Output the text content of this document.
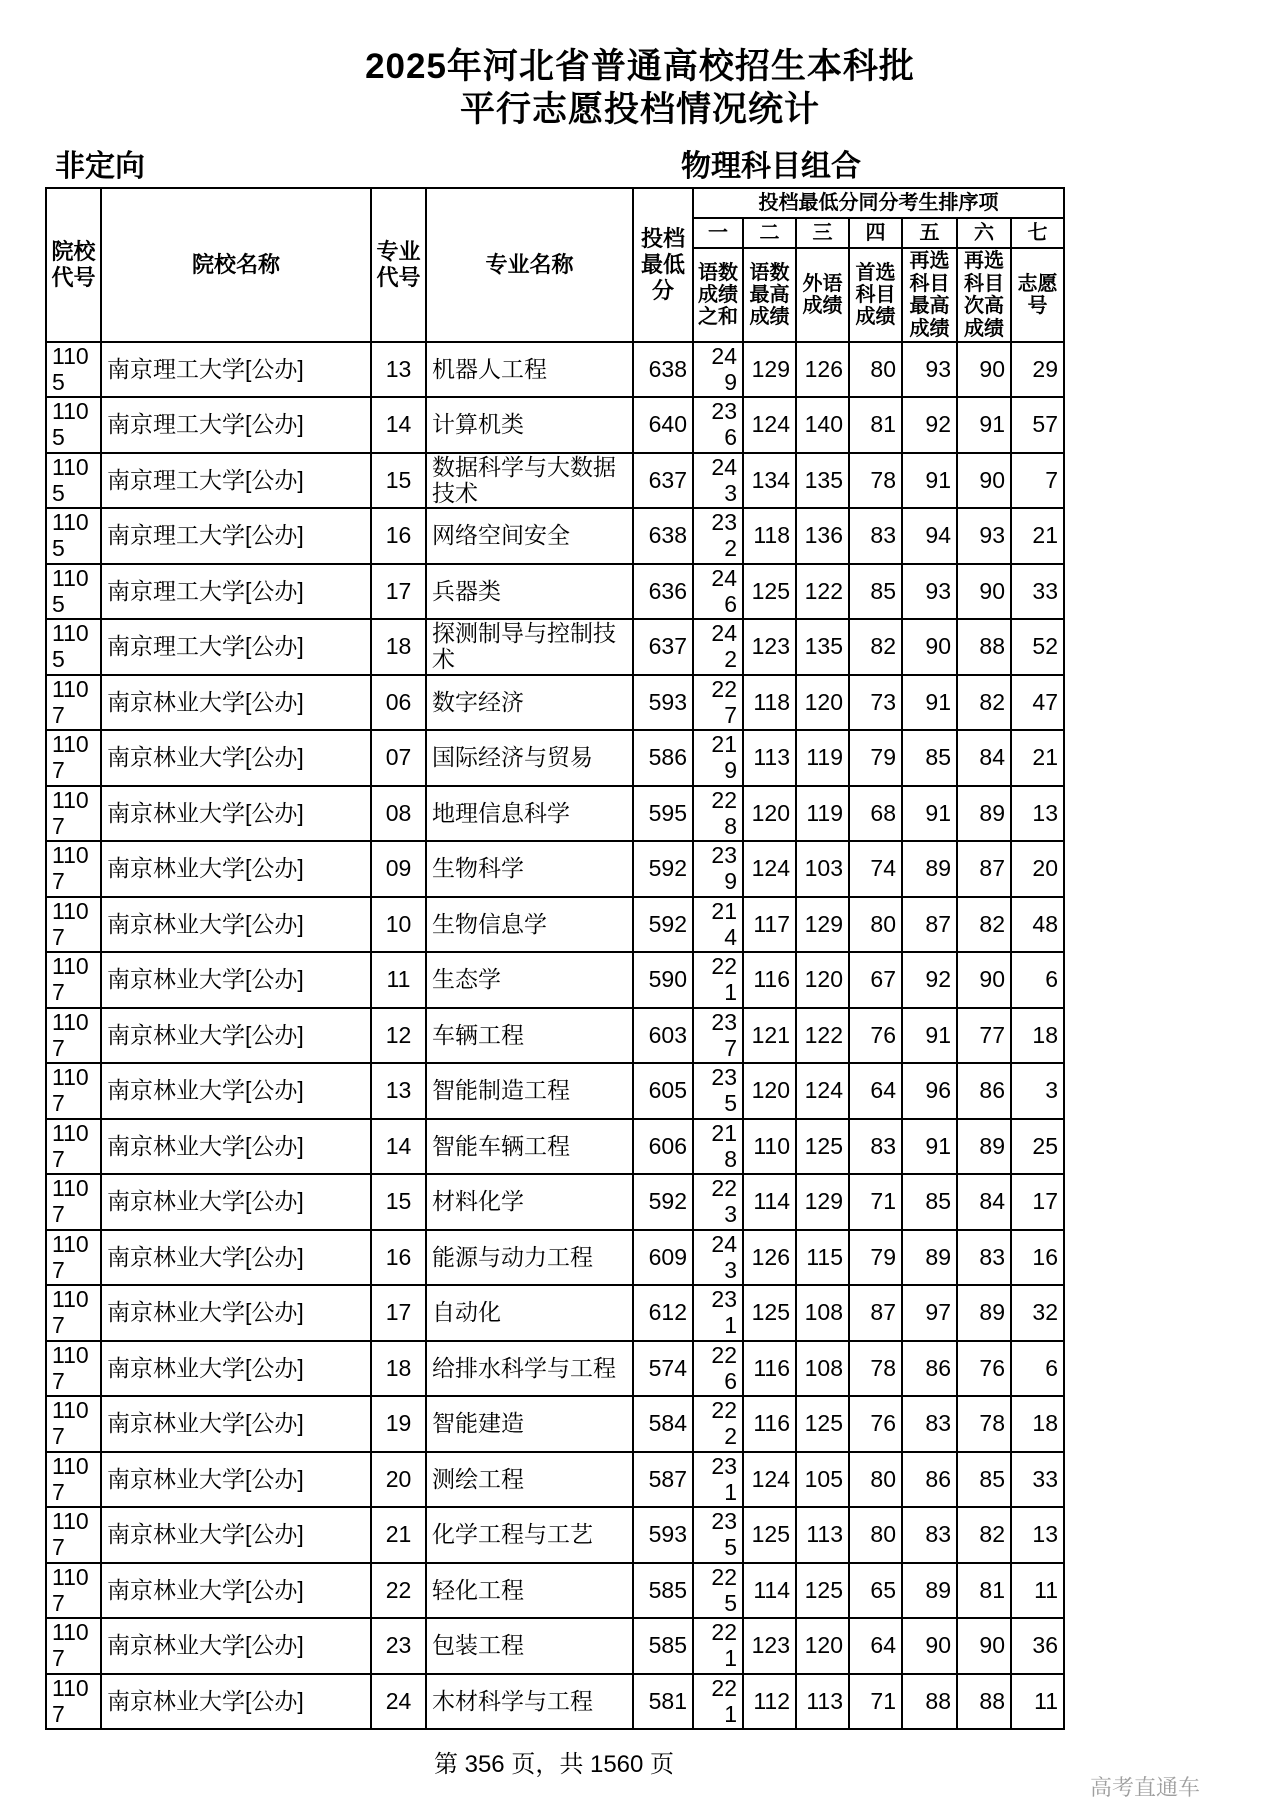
2025年河北省普通高校招生本科批
平行志愿投档情况统计
非定向	物理科目组合
院校代号	院校名称	专业代号	专业名称	投档最低分	投档最低分同分考生排序项						
					一	二	三	四	五	六	七
					语数成绩之和	语数最高成绩	外语成绩	首选科目成绩	再选科目最高成绩	再选科目次高成绩	志愿号
1105	南京理工大学[公办]	13	机器人工程	638	249	129	126	80	93	90	29
1105	南京理工大学[公办]	14	计算机类	640	236	124	140	81	92	91	57
1105	南京理工大学[公办]	15	数据科学与大数据技术	637	243	134	135	78	91	90	7
1105	南京理工大学[公办]	16	网络空间安全	638	232	118	136	83	94	93	21
1105	南京理工大学[公办]	17	兵器类	636	246	125	122	85	93	90	33
1105	南京理工大学[公办]	18	探测制导与控制技术	637	242	123	135	82	90	88	52
1107	南京林业大学[公办]	06	数字经济	593	227	118	120	73	91	82	47
1107	南京林业大学[公办]	07	国际经济与贸易	586	219	113	119	79	85	84	21
1107	南京林业大学[公办]	08	地理信息科学	595	228	120	119	68	91	89	13
1107	南京林业大学[公办]	09	生物科学	592	239	124	103	74	89	87	20
1107	南京林业大学[公办]	10	生物信息学	592	214	117	129	80	87	82	48
1107	南京林业大学[公办]	11	生态学	590	221	116	120	67	92	90	6
1107	南京林业大学[公办]	12	车辆工程	603	237	121	122	76	91	77	18
1107	南京林业大学[公办]	13	智能制造工程	605	235	120	124	64	96	86	3
1107	南京林业大学[公办]	14	智能车辆工程	606	218	110	125	83	91	89	25
1107	南京林业大学[公办]	15	材料化学	592	223	114	129	71	85	84	17
1107	南京林业大学[公办]	16	能源与动力工程	609	243	126	115	79	89	83	16
1107	南京林业大学[公办]	17	自动化	612	231	125	108	87	97	89	32
1107	南京林业大学[公办]	18	给排水科学与工程	574	226	116	108	78	86	76	6
1107	南京林业大学[公办]	19	智能建造	584	222	116	125	76	83	78	18
1107	南京林业大学[公办]	20	测绘工程	587	231	124	105	80	86	85	33
1107	南京林业大学[公办]	21	化学工程与工艺	593	235	125	113	80	83	82	13
1107	南京林业大学[公办]	22	轻化工程	585	225	114	125	65	89	81	11
1107	南京林业大学[公办]	23	包装工程	585	221	123	120	64	90	90	36
1107	南京林业大学[公办]	24	木材科学与工程	581	221	112	113	71	88	88	11
第 356 页，共 1560 页
高考直通车
